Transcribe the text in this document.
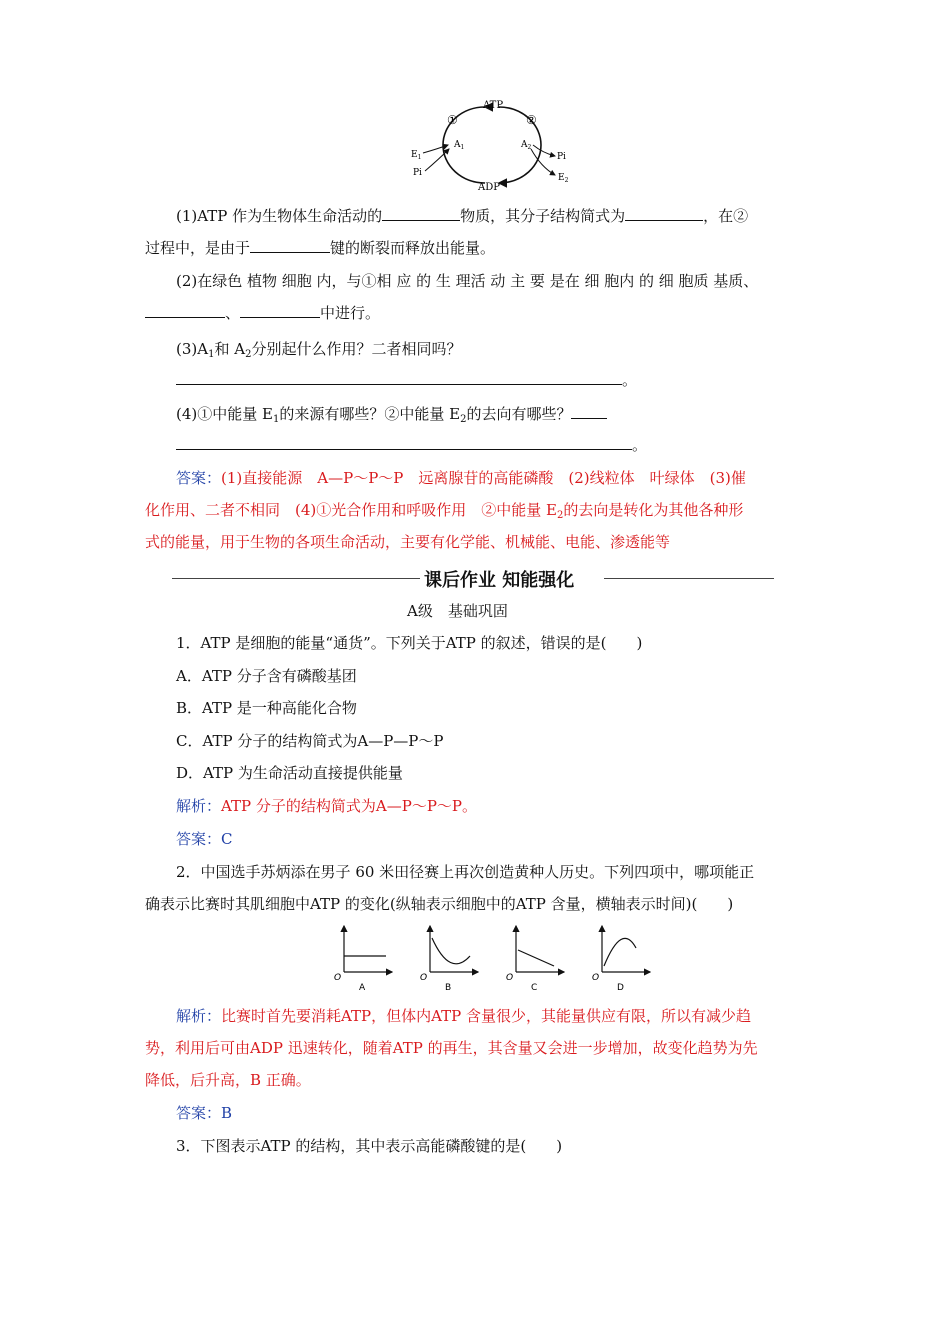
ATP
ADP
①	②
$A_1$	$A_2$
$E_1$
Pi
Pi
$E_2$
(1)ATP 作为生物体生命活动的	物质，其分子结构简式为	，在②
过程中，是由于	键的断裂而释放出能量。
(2)在绿色 植物 细胞 内，与①相 应 的 生 理活 动 主 要 是在 细 胞内 的 细 胞质 基质、
、	中进行。
$(3)A_1$和 $A_2$分别起什么作用？二者相同吗？
。
(4)①中能量 $E_1$的来源有哪些？②中能量 $E_2$的去向有哪些？
。
答案：(1)直接能源　A—P～P～P　远离腺苷的高能磷酸　(2)线粒体　叶绿体　(3)催
化作用、二者不相同　(4)①光合作用和呼吸作用　②中能量 $E_2$的去向是转化为其他各种形
式的能量，用于生物的各项生命活动，主要有化学能、机械能、电能、渗透能等
课后作业 知能强化
A级　基础巩固
1．ATP 是细胞的能量“通货”。下列关于ATP 的叙述，错误的是(　　)
A．ATP 分子含有磷酸基团
B．ATP 是一种高能化合物
C．ATP 分子的结构简式为A—P—P～P
D．ATP 为生命活动直接提供能量
解析：ATP 分子的结构简式为A—P～P～P。
答案：C
2．中国选手苏炳添在男子 60 米田径赛上再次创造黄种人历史。下列四项中，哪项能正
确表示比赛时其肌细胞中ATP 的变化(纵轴表示细胞中的ATP 含量，横轴表示时间)(　　)
O
A
O
B
O
C
O
D
解析：比赛时首先要消耗ATP，但体内ATP 含量很少，其能量供应有限，所以有减少趋
势，利用后可由ADP 迅速转化，随着ATP 的再生，其含量又会进一步增加，故变化趋势为先
降低，后升高，B 正确。
答案：B
3．下图表示ATP 的结构，其中表示高能磷酸键的是(　　)
